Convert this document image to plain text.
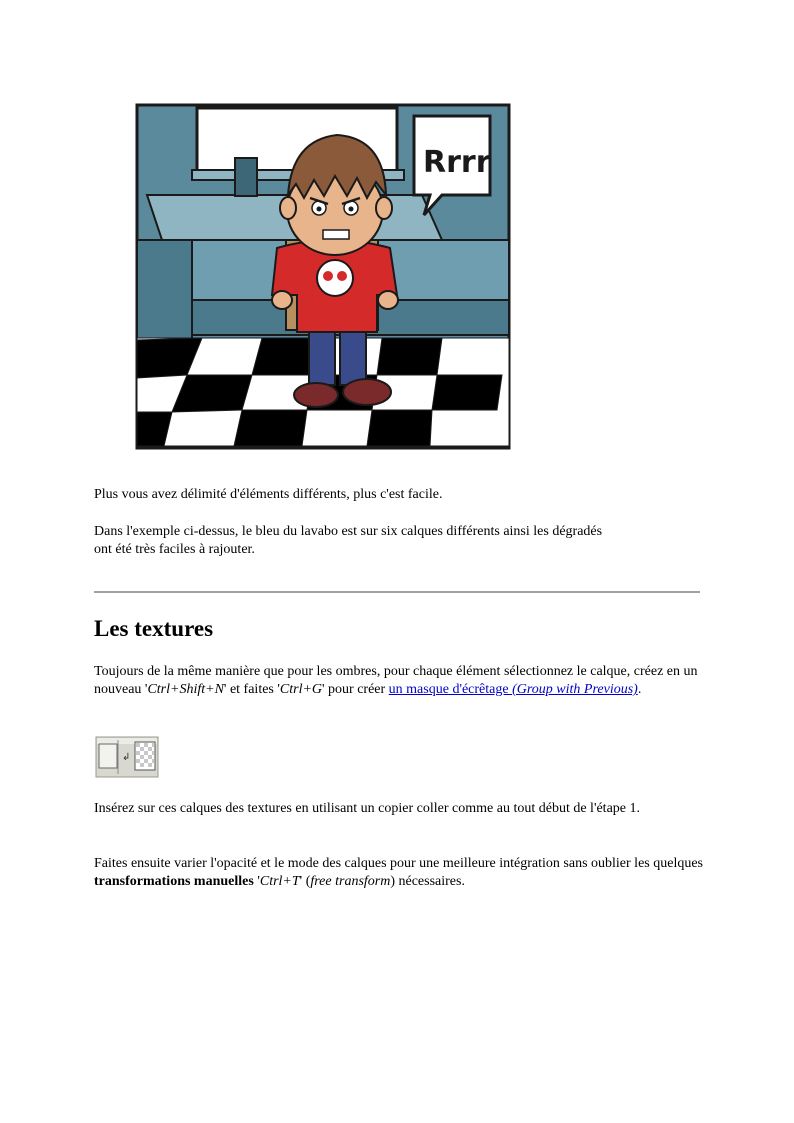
Rrrr

Plus vous avez délimité d'éléments différents, plus c'est facile.

Dans l'exemple ci-dessus, le bleu du lavabo est sur six calques différents ainsi les dégradés
ont été très faciles à rajouter.

Les textures

Toujours de la même manière que pour les ombres, pour chaque élément sélectionnez le calque, créez en un nouveau 'Ctrl+Shift+N' et faites 'Ctrl+G' pour créer un masque d'écrêtage (Group with Previous).

↲

Insérez sur ces calques des textures en utilisant un copier coller comme au tout début de l'étape 1.

Faites ensuite varier l'opacité et le mode des calques pour une meilleure intégration sans oublier les quelques transformations manuelles 'Ctrl+T' (free transform) nécessaires.
